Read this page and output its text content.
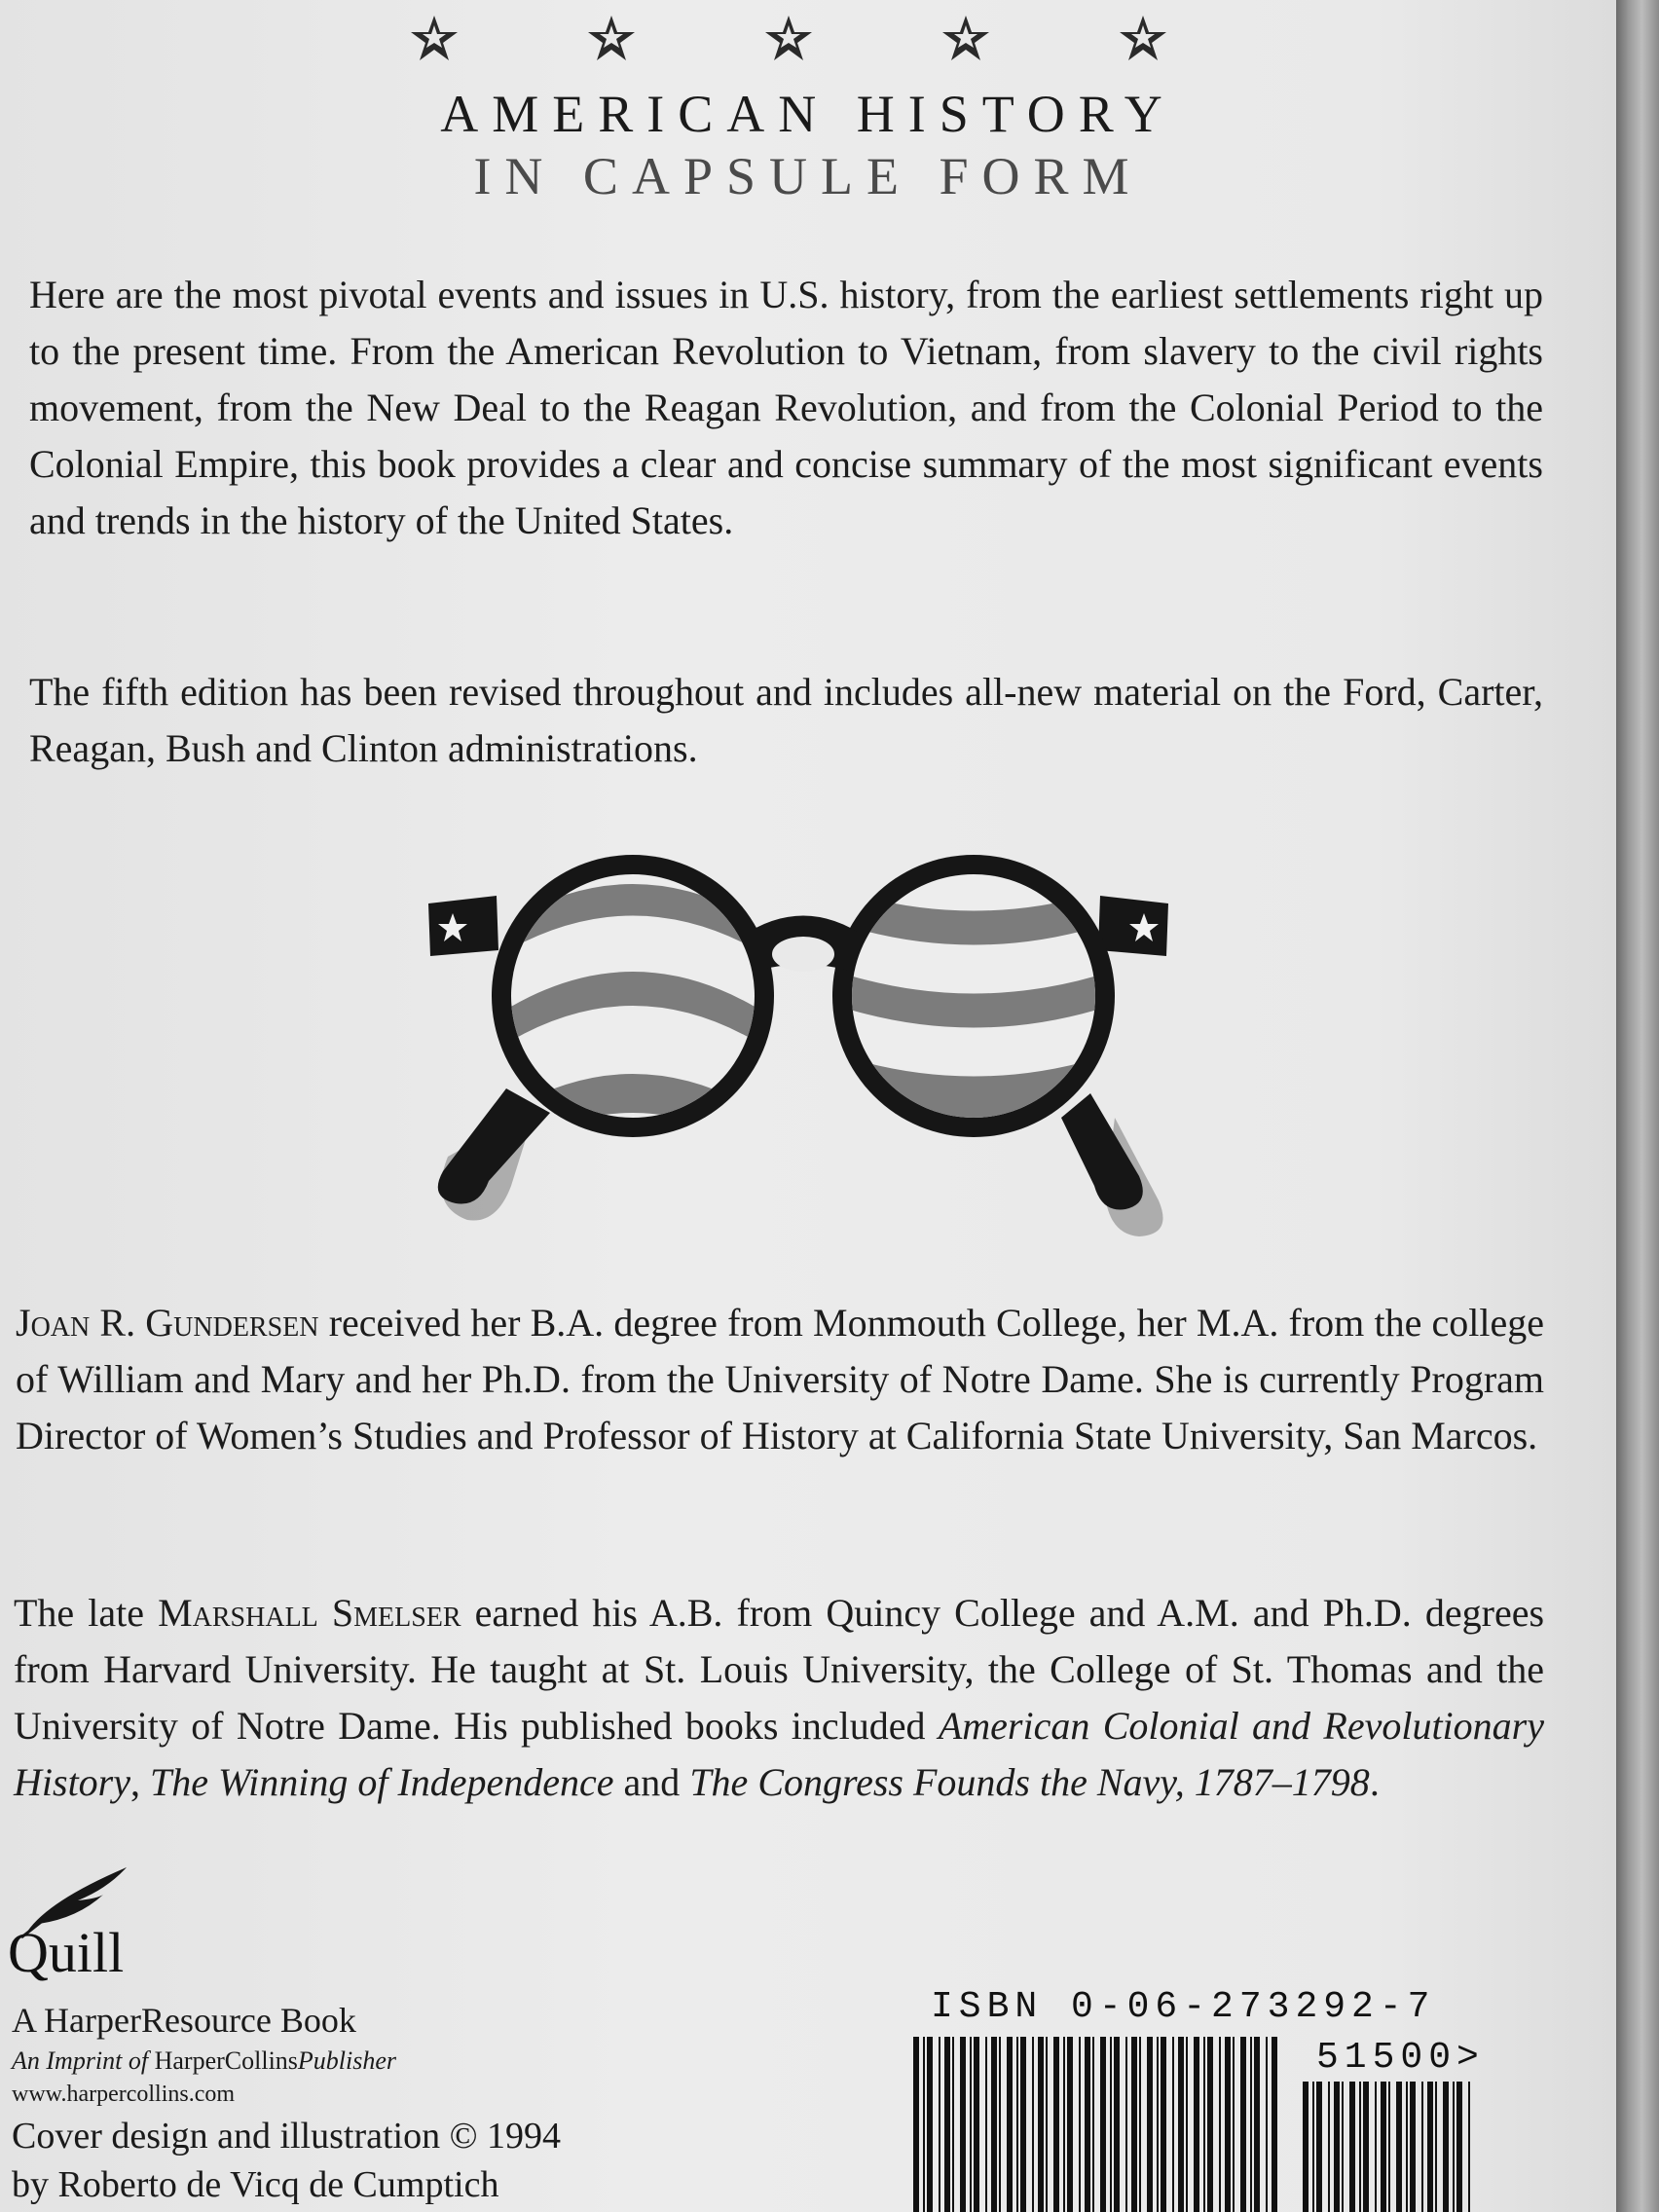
AMERICAN HISTORY
IN CAPSULE FORM

Here are the most pivotal events and issues in U.S. history, from the earliest settlements right up to the present time. From the American Revolution to Vietnam, from slavery to the civil rights movement, from the New Deal to the Reagan Revolution, and from the Colonial Period to the Colonial Empire, this book provides a clear and concise summary of the most significant events and trends in the history of the United States.

The fifth edition has been revised throughout and includes all-new material on the Ford, Carter, Reagan, Bush and Clinton administrations.

Joan R. Gundersen received her B.A. degree from Monmouth College, her M.A. from the college of William and Mary and her Ph.D. from the University of Notre Dame. She is currently Program Director of Women’s Studies and Professor of History at California State University, San Marcos.

The late Marshall Smelser earned his A.B. from Quincy College and A.M. and Ph.D. degrees from Harvard University. He taught at St. Louis University, the College of St. Thomas and the University of Notre Dame. His published books included American Colonial and Revolutionary History, The Winning of Independence and The Congress Founds the Navy, 1787–1798.

Quill
A HarperResource Book
An Imprint of HarperCollinsPublisher
www.harpercollins.com
Cover design and illustration © 1994
by Roberto de Vicq de Cumptich
ISBN 0-06-273292-7
51500>
